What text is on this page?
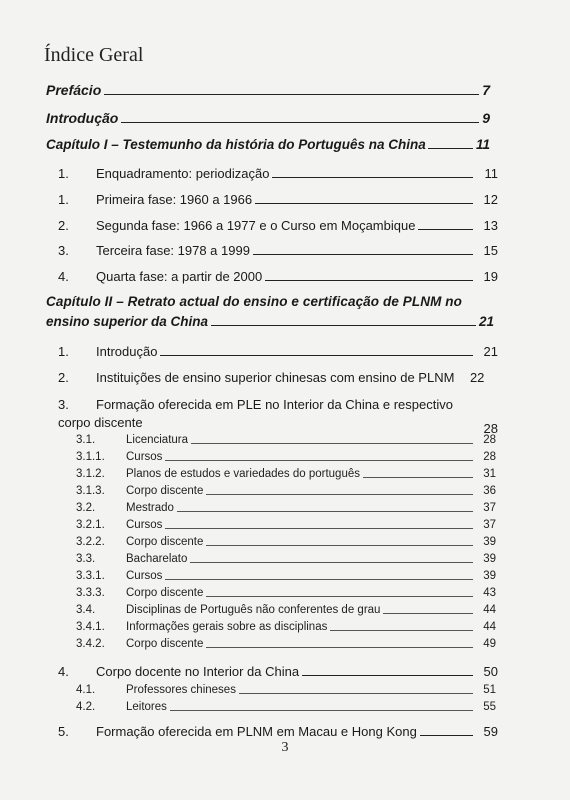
Índice Geral
Prefácio	7
Introdução	9
Capítulo I – Testemunho da história do Português na China	11
1.	Enquadramento: periodização	11
1.	Primeira fase: 1960 a 1966	12
2.	Segunda fase: 1966 a 1977 e o Curso em Moçambique	13
3.	Terceira fase: 1978 a 1999	15
4.	Quarta fase: a partir de 2000	19
Capítulo II – Retrato actual do ensino e certificação de PLNM no
ensino superior da China	21
1.	Introdução	21
2.	Instituições de ensino superior chinesas com ensino de PLNM	22
3. Formação oferecida em PLE no Interior da China e respectivo
corpo discente	28
3.1.	Licenciatura	28
3.1.1.	Cursos	28
3.1.2.	Planos de estudos e variedades do português	31
3.1.3.	Corpo discente	36
3.2.	Mestrado	37
3.2.1.	Cursos	37
3.2.2.	Corpo discente	39
3.3.	Bacharelato	39
3.3.1.	Cursos	39
3.3.3.	Corpo discente	43
3.4.	Disciplinas de Português não conferentes de grau	44
3.4.1.	Informações gerais sobre as disciplinas	44
3.4.2.	Corpo discente	49
4.	Corpo docente no Interior da China	50
4.1.	Professores chineses	51
4.2.	Leitores	55
5.	Formação oferecida em PLNM em Macau e Hong Kong	59
3
